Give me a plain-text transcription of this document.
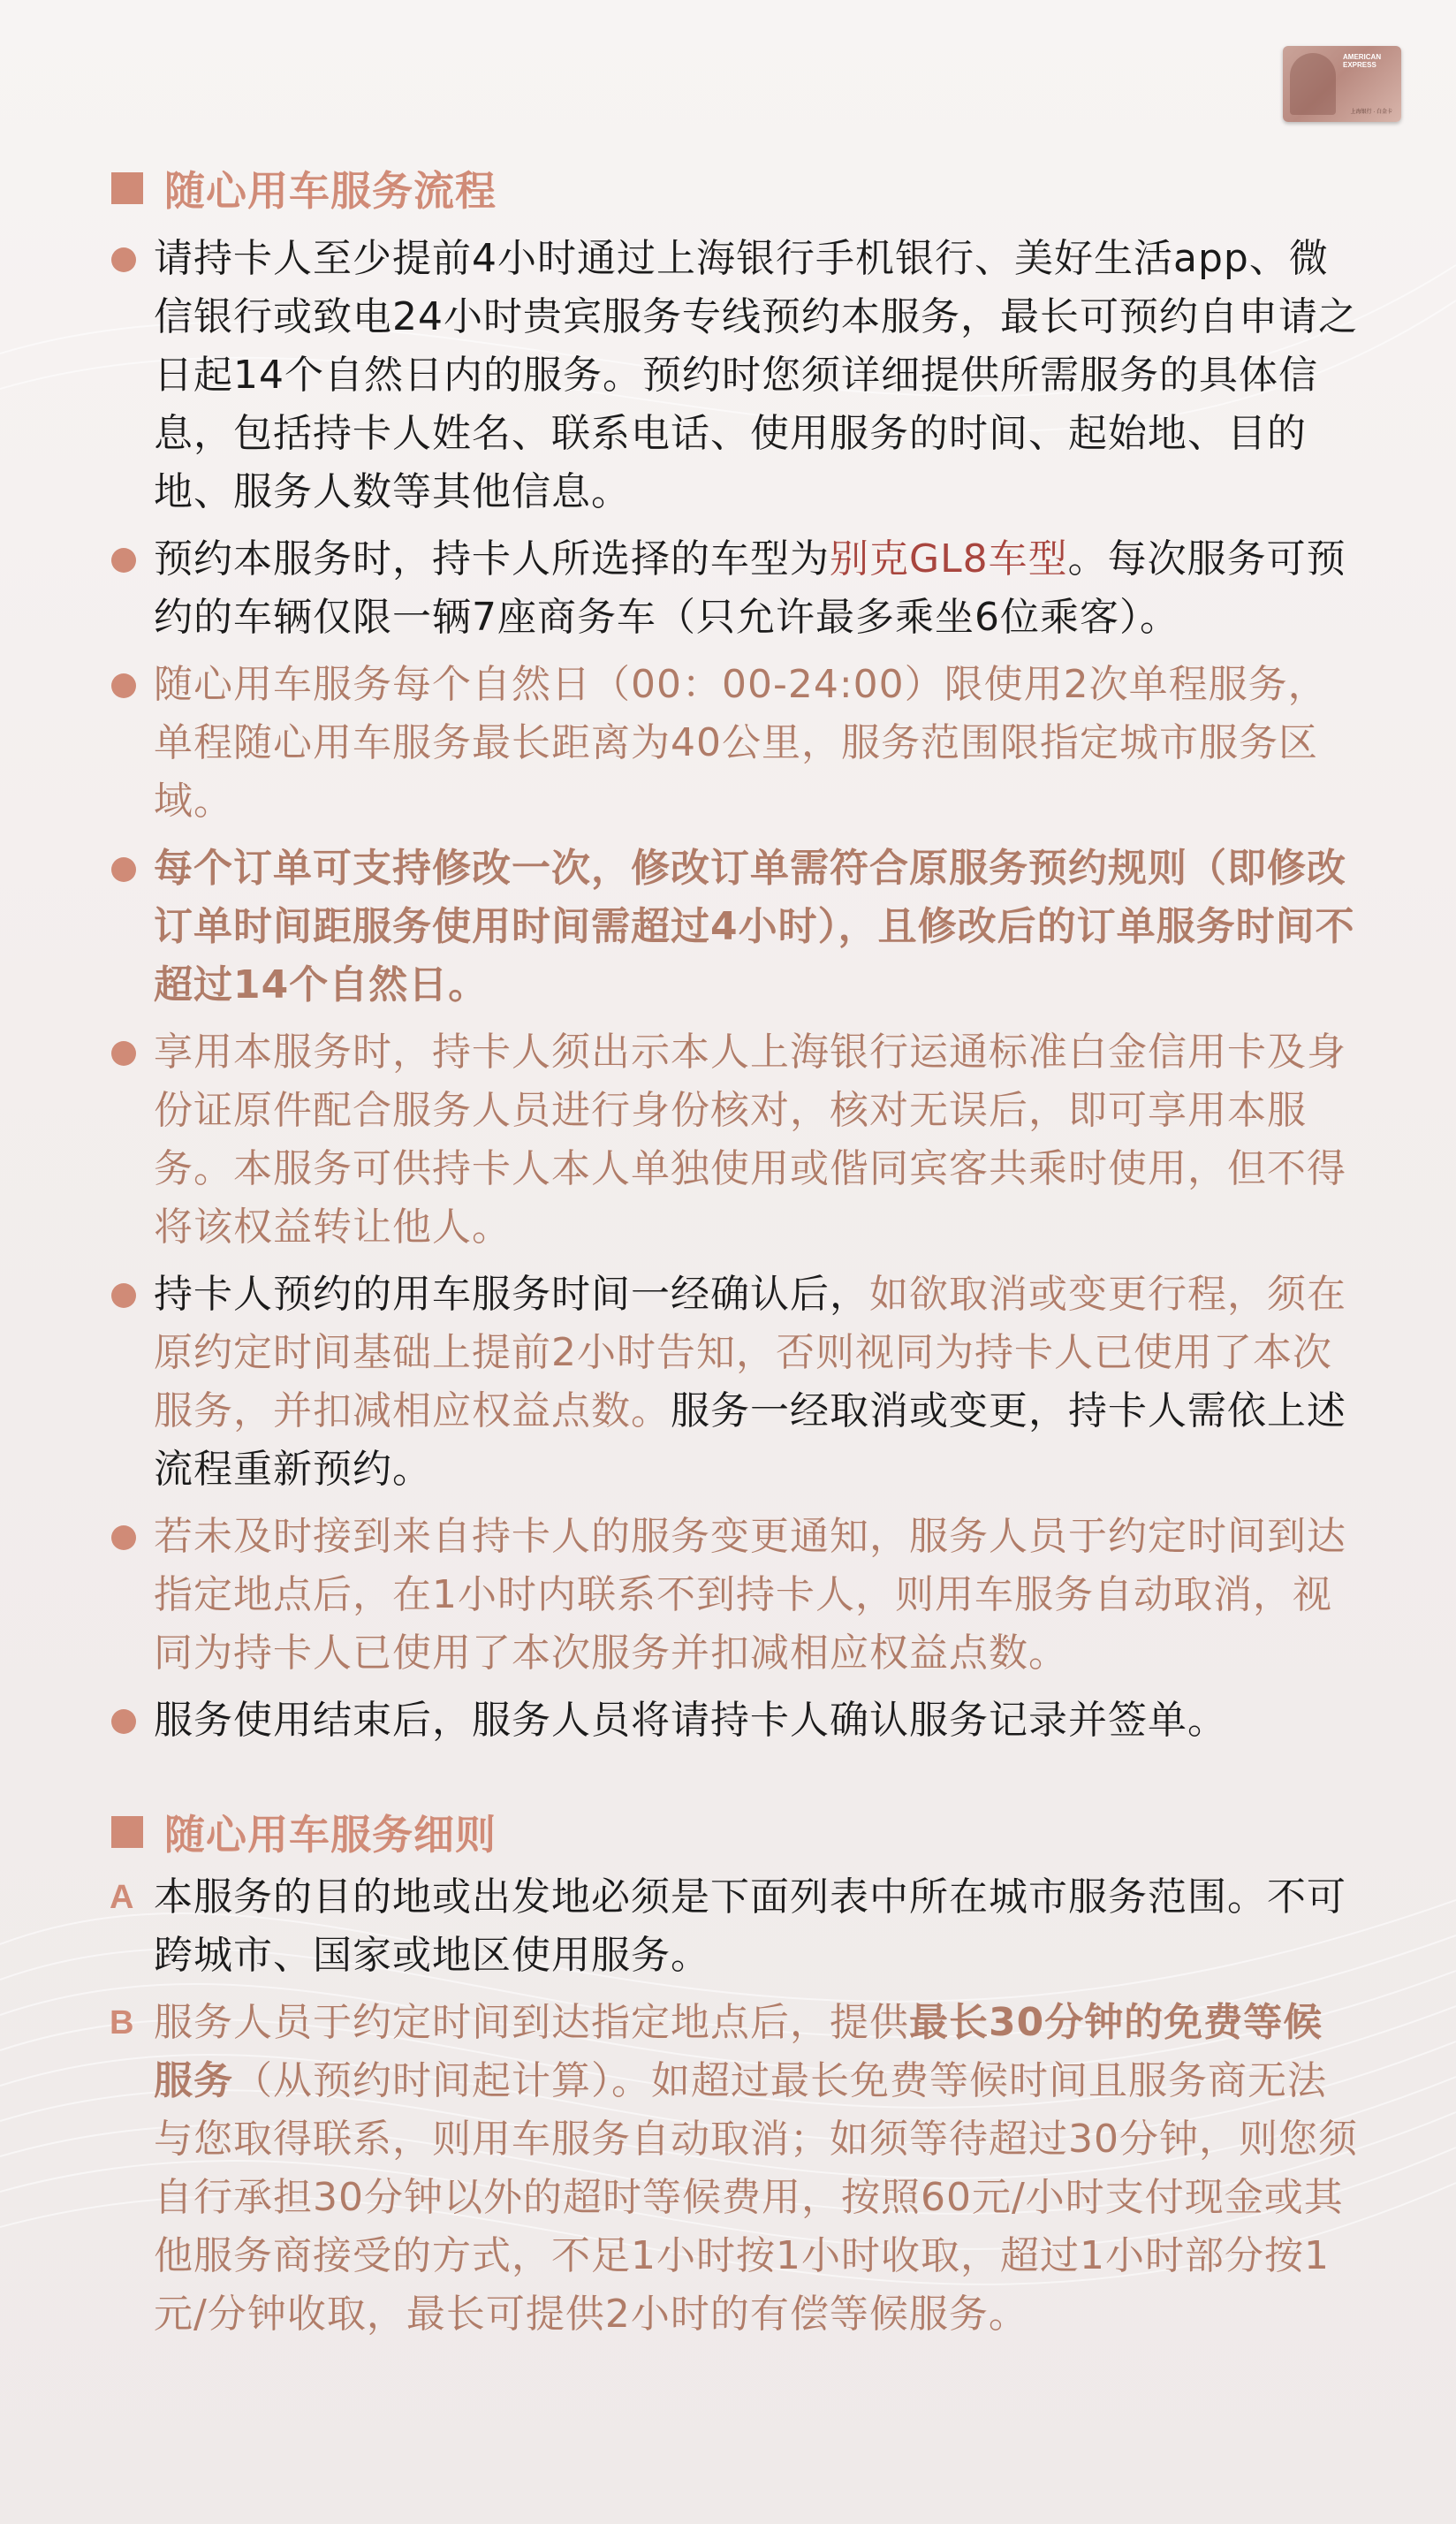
AMERICAN EXPRESS
上海银行 · 白金卡
随心用车服务流程
请持卡人至少提前4小时通过上海银行手机银行、美好生活app、微信银行或致电24小时贵宾服务专线预约本服务，最长可预约自申请之日起14个自然日内的服务。预约时您须详细提供所需服务的具体信息，包括持卡人姓名、联系电话、使用服务的时间、起始地、目的地、服务人数等其他信息。
预约本服务时，持卡人所选择的车型为别克GL8车型。每次服务可预约的车辆仅限一辆7座商务车（只允许最多乘坐6位乘客）。
随心用车服务每个自然日（00：00-24:00）限使用2次单程服务，单程随心用车服务最长距离为40公里，服务范围限指定城市服务区域。
每个订单可支持修改一次，修改订单需符合原服务预约规则（即修改订单时间距服务使用时间需超过4小时），且修改后的订单服务时间不超过14个自然日。
享用本服务时，持卡人须出示本人上海银行运通标准白金信用卡及身份证原件配合服务人员进行身份核对，核对无误后，即可享用本服务。本服务可供持卡人本人单独使用或偕同宾客共乘时使用，但不得将该权益转让他人。
持卡人预约的用车服务时间一经确认后，如欲取消或变更行程，须在原约定时间基础上提前2小时告知，否则视同为持卡人已使用了本次服务，并扣减相应权益点数。服务一经取消或变更，持卡人需依上述流程重新预约。
若未及时接到来自持卡人的服务变更通知，服务人员于约定时间到达指定地点后，在1小时内联系不到持卡人，则用车服务自动取消，视同为持卡人已使用了本次服务并扣减相应权益点数。
服务使用结束后，服务人员将请持卡人确认服务记录并签单。
随心用车服务细则
A 本服务的目的地或出发地必须是下面列表中所在城市服务范围。不可跨城市、国家或地区使用服务。
B 服务人员于约定时间到达指定地点后，提供最长30分钟的免费等候服务（从预约时间起计算）。如超过最长免费等候时间且服务商无法与您取得联系，则用车服务自动取消；如须等待超过30分钟，则您须自行承担30分钟以外的超时等候费用，按照60元/小时支付现金或其他服务商接受的方式，不足1小时按1小时收取，超过1小时部分按1元/分钟收取，最长可提供2小时的有偿等候服务。
